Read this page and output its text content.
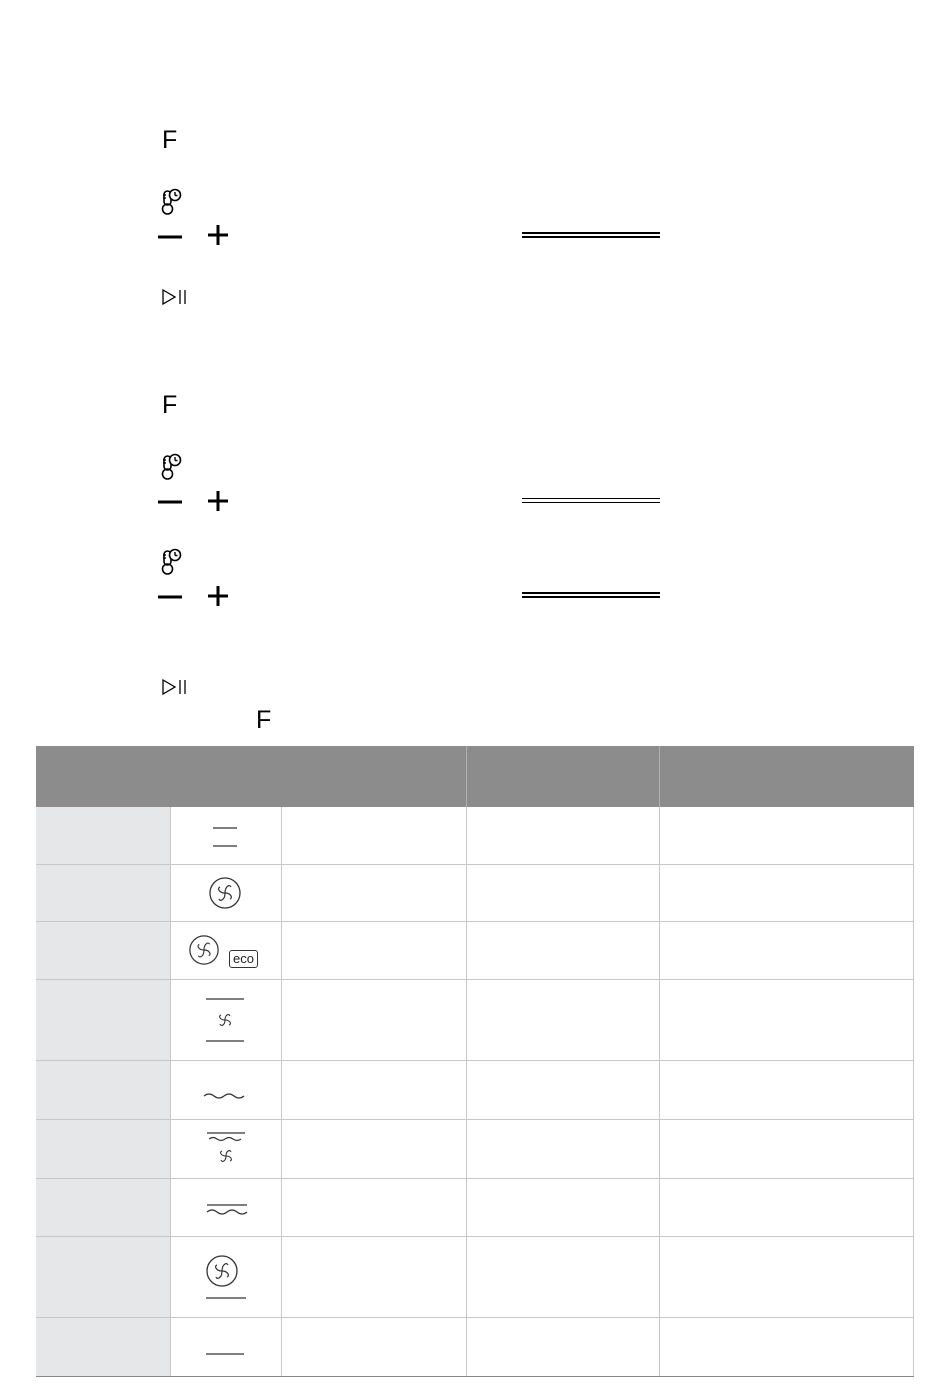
F
F
F
eco
